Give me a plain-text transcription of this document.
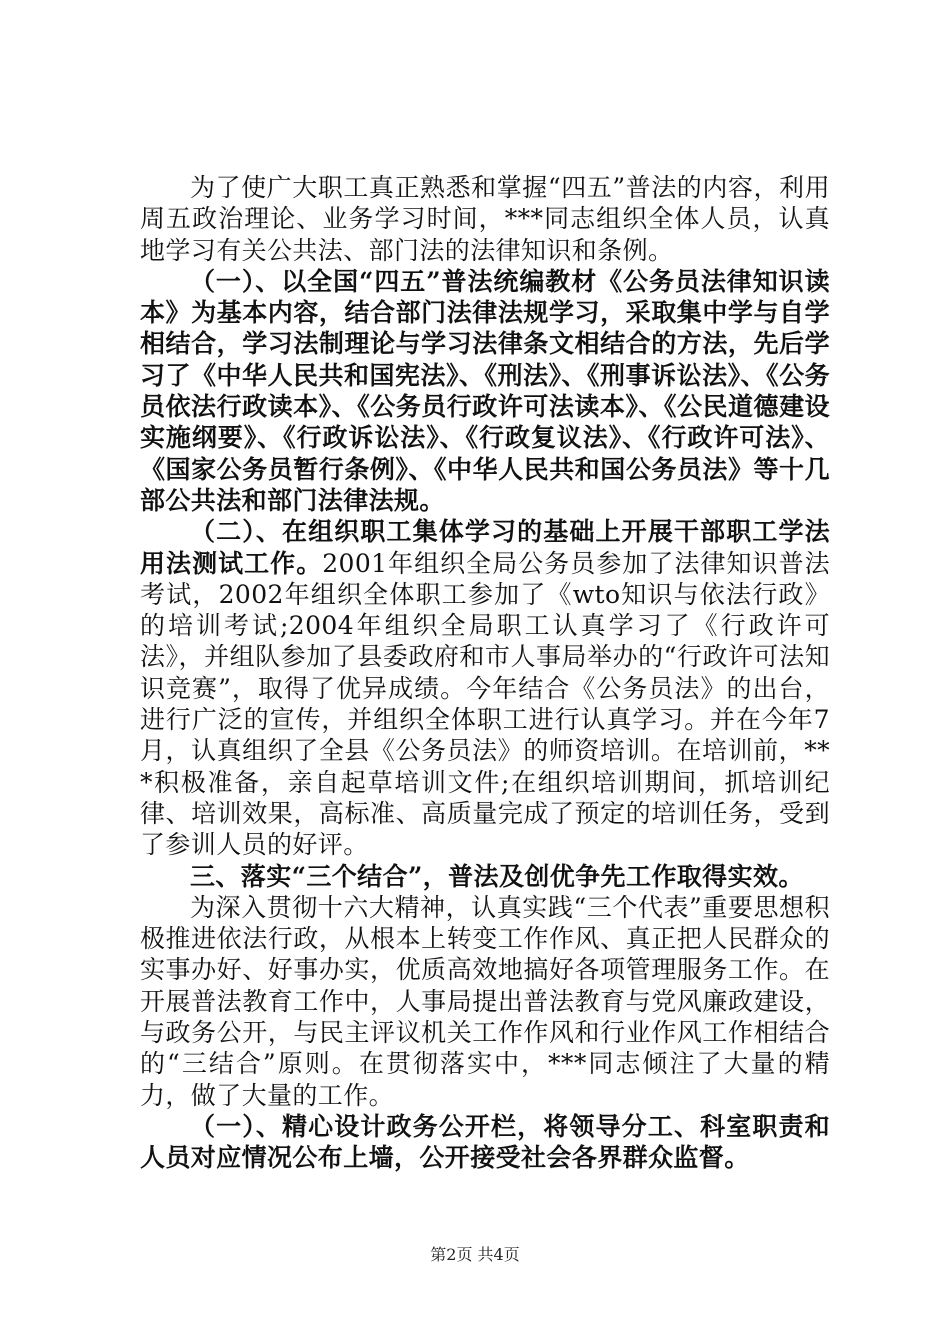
为了使广大职工真正熟悉和掌握“四五”普法的内容，利用周五政治理论、业务学习时间，***同志组织全体人员，认真地学习有关公共法、部门法的法律知识和条例。

（一）、以全国“四五”普法统编教材《公务员法律知识读本》为基本内容，结合部门法律法规学习，采取集中学与自学相结合，学习法制理论与学习法律条文相结合的方法，先后学习了《中华人民共和国宪法》、《刑法》、《刑事诉讼法》、《公务员依法行政读本》、《公务员行政许可法读本》、《公民道德建设实施纲要》、《行政诉讼法》、《行政复议法》、《行政许可法》、《国家公务员暂行条例》、《中华人民共和国公务员法》等十几部公共法和部门法律法规。

（二）、在组织职工集体学习的基础上开展干部职工学法用法测试工作。2001年组织全局公务员参加了法律知识普法考试，2002年组织全体职工参加了《wto知识与依法行政》的培训考试;2004年组织全局职工认真学习了《行政许可法》，并组队参加了县委政府和市人事局举办的“行政许可法知识竞赛”，取得了优异成绩。今年结合《公务员法》的出台，进行广泛的宣传，并组织全体职工进行认真学习。并在今年7月，认真组织了全县《公务员法》的师资培训。在培训前，***积极准备，亲自起草培训文件;在组织培训期间，抓培训纪律、培训效果，高标准、高质量完成了预定的培训任务，受到了参训人员的好评。

三、落实“三个结合”，普法及创优争先工作取得实效。

为深入贯彻十六大精神，认真实践“三个代表”重要思想积极推进依法行政，从根本上转变工作作风、真正把人民群众的实事办好、好事办实，优质高效地搞好各项管理服务工作。在开展普法教育工作中，人事局提出普法教育与党风廉政建设，与政务公开，与民主评议机关工作作风和行业作风工作相结合的“三结合”原则。在贯彻落实中，***同志倾注了大量的精力，做了大量的工作。

（一）、精心设计政务公开栏，将领导分工、科室职责和人员对应情况公布上墙，公开接受社会各界群众监督。

第2页 共4页
